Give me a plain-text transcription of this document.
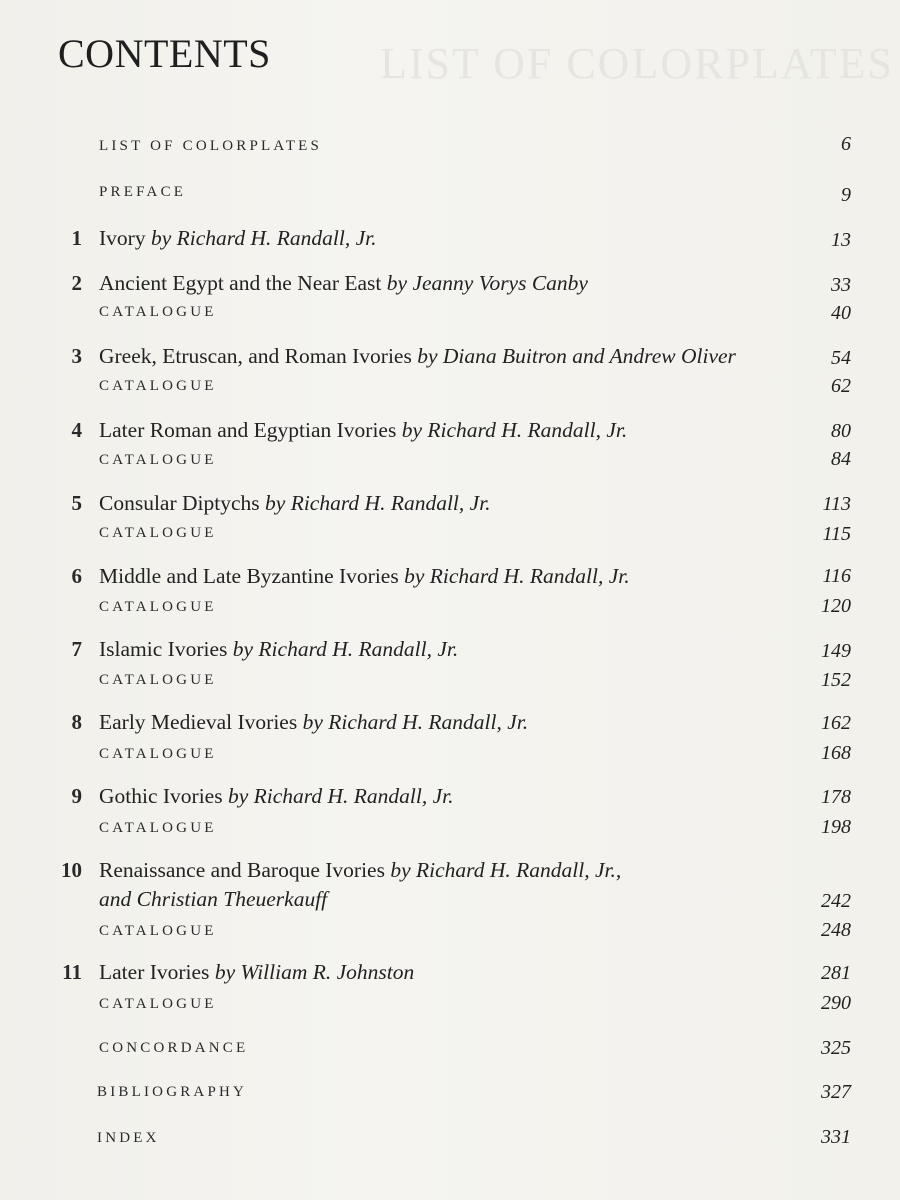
LIST OF COLORPLATES
CONTENTS
LIST OF COLORPLATES	6
PREFACE	9
1 Ivory by Richard H. Randall, Jr.	13
2 Ancient Egypt and the Near East by Jeanny Vorys Canby	33
CATALOGUE	40
3 Greek, Etruscan, and Roman Ivories by Diana Buitron and Andrew Oliver	54
CATALOGUE	62
4 Later Roman and Egyptian Ivories by Richard H. Randall, Jr.	80
CATALOGUE	84
5 Consular Diptychs by Richard H. Randall, Jr.	113
CATALOGUE	115
6 Middle and Late Byzantine Ivories by Richard H. Randall, Jr.	116
CATALOGUE	120
7 Islamic Ivories by Richard H. Randall, Jr.	149
CATALOGUE	152
8 Early Medieval Ivories by Richard H. Randall, Jr.	162
CATALOGUE	168
9 Gothic Ivories by Richard H. Randall, Jr.	178
CATALOGUE	198
10 Renaissance and Baroque Ivories by Richard H. Randall, Jr.,
and Christian Theuerkauff	242
CATALOGUE	248
11 Later Ivories by William R. Johnston	281
CATALOGUE	290
CONCORDANCE	325
BIBLIOGRAPHY	327
INDEX	331
